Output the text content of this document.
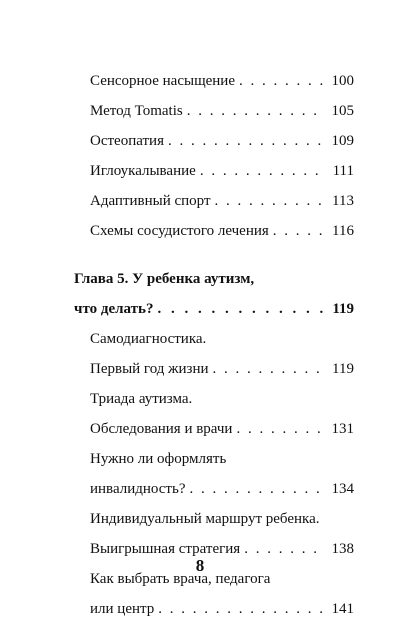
Сенсорное насыщение . . .	100
Метод Tomatis . . .	105
Остеопатия . . .	109
Иглоукалывание . . .	111
Адаптивный спорт . . .	113
Схемы сосудистого лечения . . .	116
Глава 5. У ребенка аутизм,
что делать? . . .	119
Самодиагностика.
Первый год жизни . . .	119
Триада аутизма.
Обследования и врачи . . .	131
Нужно ли оформлять
инвалидность? . . .	134
Индивидуальный маршрут ребенка.
Выигрышная стратегия . . .	138
Как выбрать врача, педагога
или центр . . .	141
8
